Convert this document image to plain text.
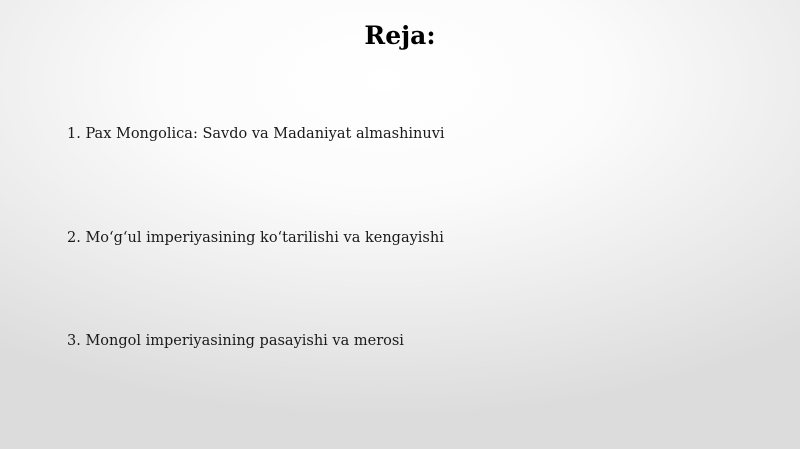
Reja:
1. Pax Mongolica: Savdo va Madaniyat almashinuvi
2. Mo‘g‘ul imperiyasining ko‘tarilishi va kengayishi
3. Mongol imperiyasining pasayishi va merosi
